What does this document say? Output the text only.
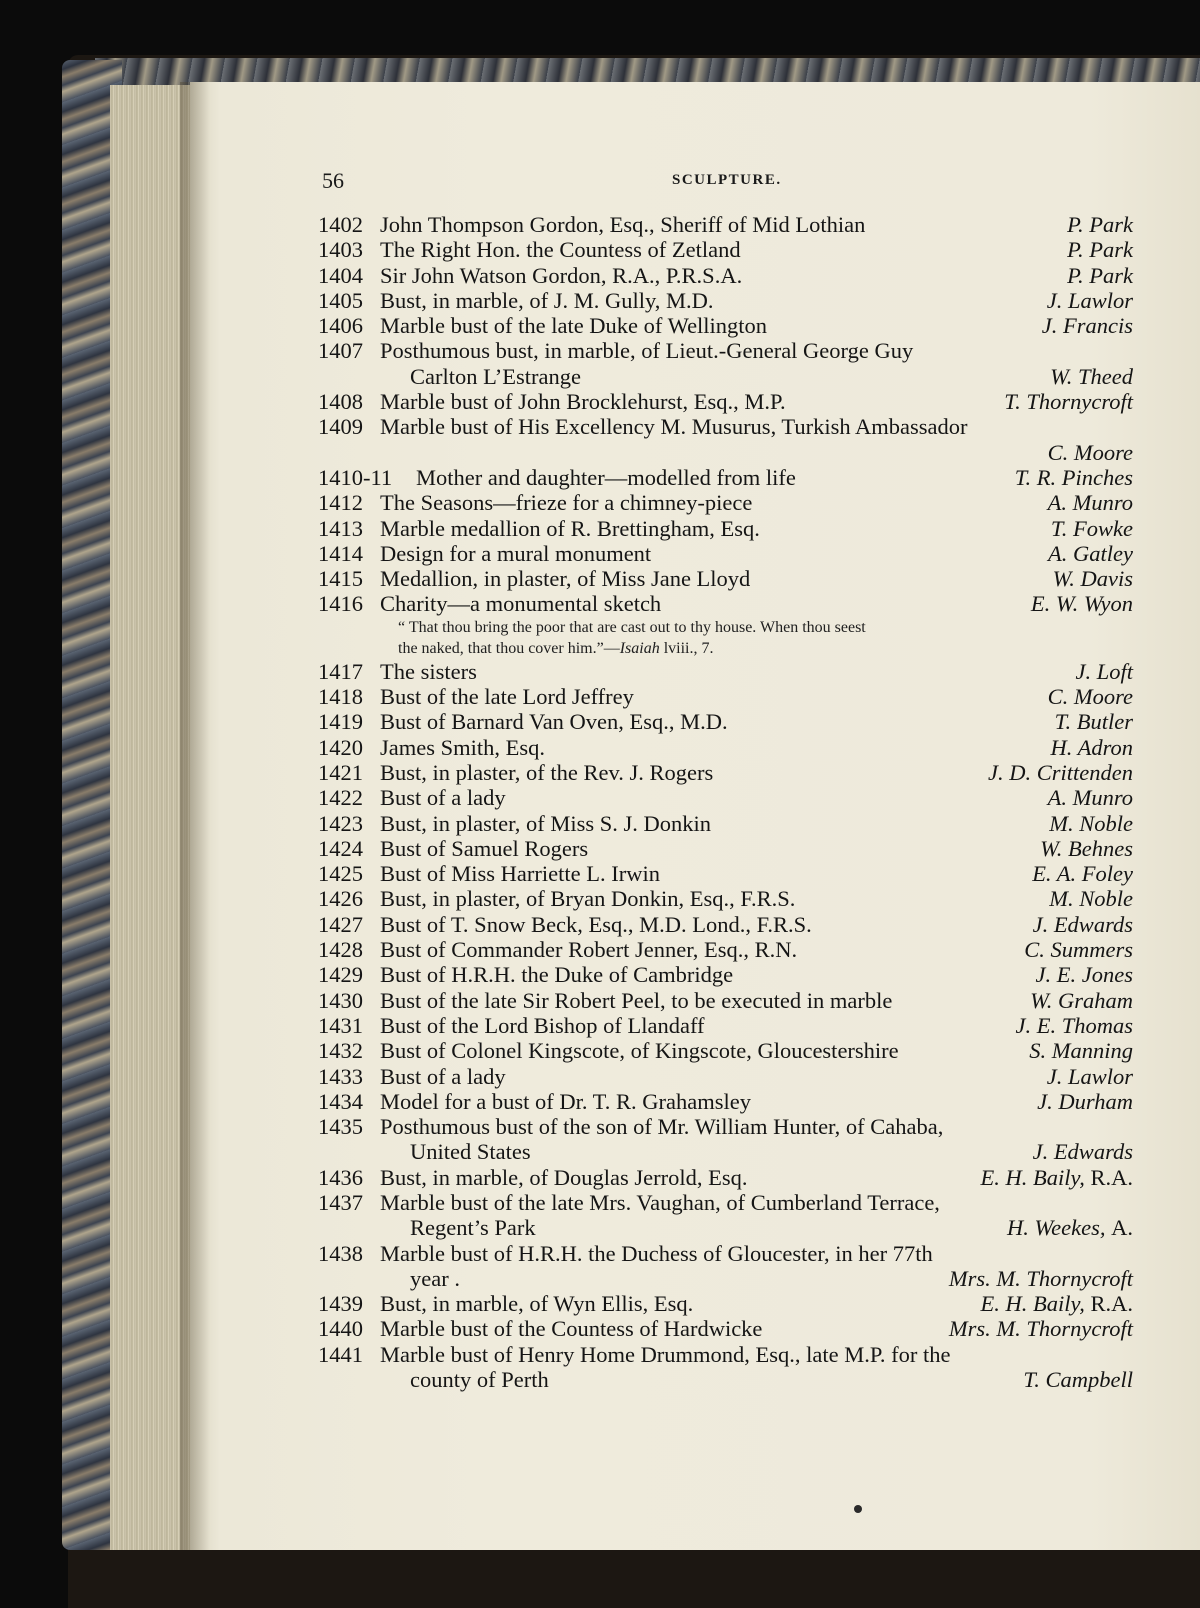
56	SCULPTURE.
1402 John Thompson Gordon, Esq., Sheriff of Mid Lothian	P. Park
1403 The Right Hon. the Countess of Zetland	P. Park
1404 Sir John Watson Gordon, R.A., P.R.S.A.	P. Park
1405 Bust, in marble, of J. M. Gully, M.D.	J. Lawlor
1406 Marble bust of the late Duke of Wellington	J. Francis
1407 Posthumous bust, in marble, of Lieut.-General George Guy
Carlton L’Estrange	W. Theed
1408 Marble bust of John Brocklehurst, Esq., M.P.	T. Thornycroft
1409 Marble bust of His Excellency M. Musurus, Turkish Ambassador
C. Moore
1410-11	Mother and daughter—modelled from life	T. R. Pinches
1412 The Seasons—frieze for a chimney-piece	A. Munro
1413 Marble medallion of R. Brettingham, Esq.	T. Fowke
1414 Design for a mural monument	A. Gatley
1415 Medallion, in plaster, of Miss Jane Lloyd	W. Davis
1416 Charity—a monumental sketch	E. W. Wyon
“ That thou bring the poor that are cast out to thy house. When thou seest
the naked, that thou cover him.”—Isaiah lviii., 7.
1417 The sisters	J. Loft
1418 Bust of the late Lord Jeffrey	C. Moore
1419 Bust of Barnard Van Oven, Esq., M.D.	T. Butler
1420 James Smith, Esq.	H. Adron
1421 Bust, in plaster, of the Rev. J. Rogers	J. D. Crittenden
1422 Bust of a lady	A. Munro
1423 Bust, in plaster, of Miss S. J. Donkin	M. Noble
1424 Bust of Samuel Rogers	W. Behnes
1425 Bust of Miss Harriette L. Irwin	E. A. Foley
1426 Bust, in plaster, of Bryan Donkin, Esq., F.R.S.	M. Noble
1427 Bust of T. Snow Beck, Esq., M.D. Lond., F.R.S.	J. Edwards
1428 Bust of Commander Robert Jenner, Esq., R.N.	C. Summers
1429 Bust of H.R.H. the Duke of Cambridge	J. E. Jones
1430 Bust of the late Sir Robert Peel, to be executed in marble	W. Graham
1431 Bust of the Lord Bishop of Llandaff	J. E. Thomas
1432 Bust of Colonel Kingscote, of Kingscote, Gloucestershire	S. Manning
1433 Bust of a lady	J. Lawlor
1434 Model for a bust of Dr. T. R. Grahamsley	J. Durham
1435 Posthumous bust of the son of Mr. William Hunter, of Cahaba,
United States	J. Edwards
1436 Bust, in marble, of Douglas Jerrold, Esq.	E. H. Baily, R.A.
1437 Marble bust of the late Mrs. Vaughan, of Cumberland Terrace,
Regent’s Park	H. Weekes, A.
1438 Marble bust of H.R.H. the Duchess of Gloucester, in her 77th
year .	Mrs. M. Thornycroft
1439 Bust, in marble, of Wyn Ellis, Esq.	E. H. Baily, R.A.
1440 Marble bust of the Countess of Hardwicke	Mrs. M. Thornycroft
1441 Marble bust of Henry Home Drummond, Esq., late M.P. for the
county of Perth	T. Campbell
